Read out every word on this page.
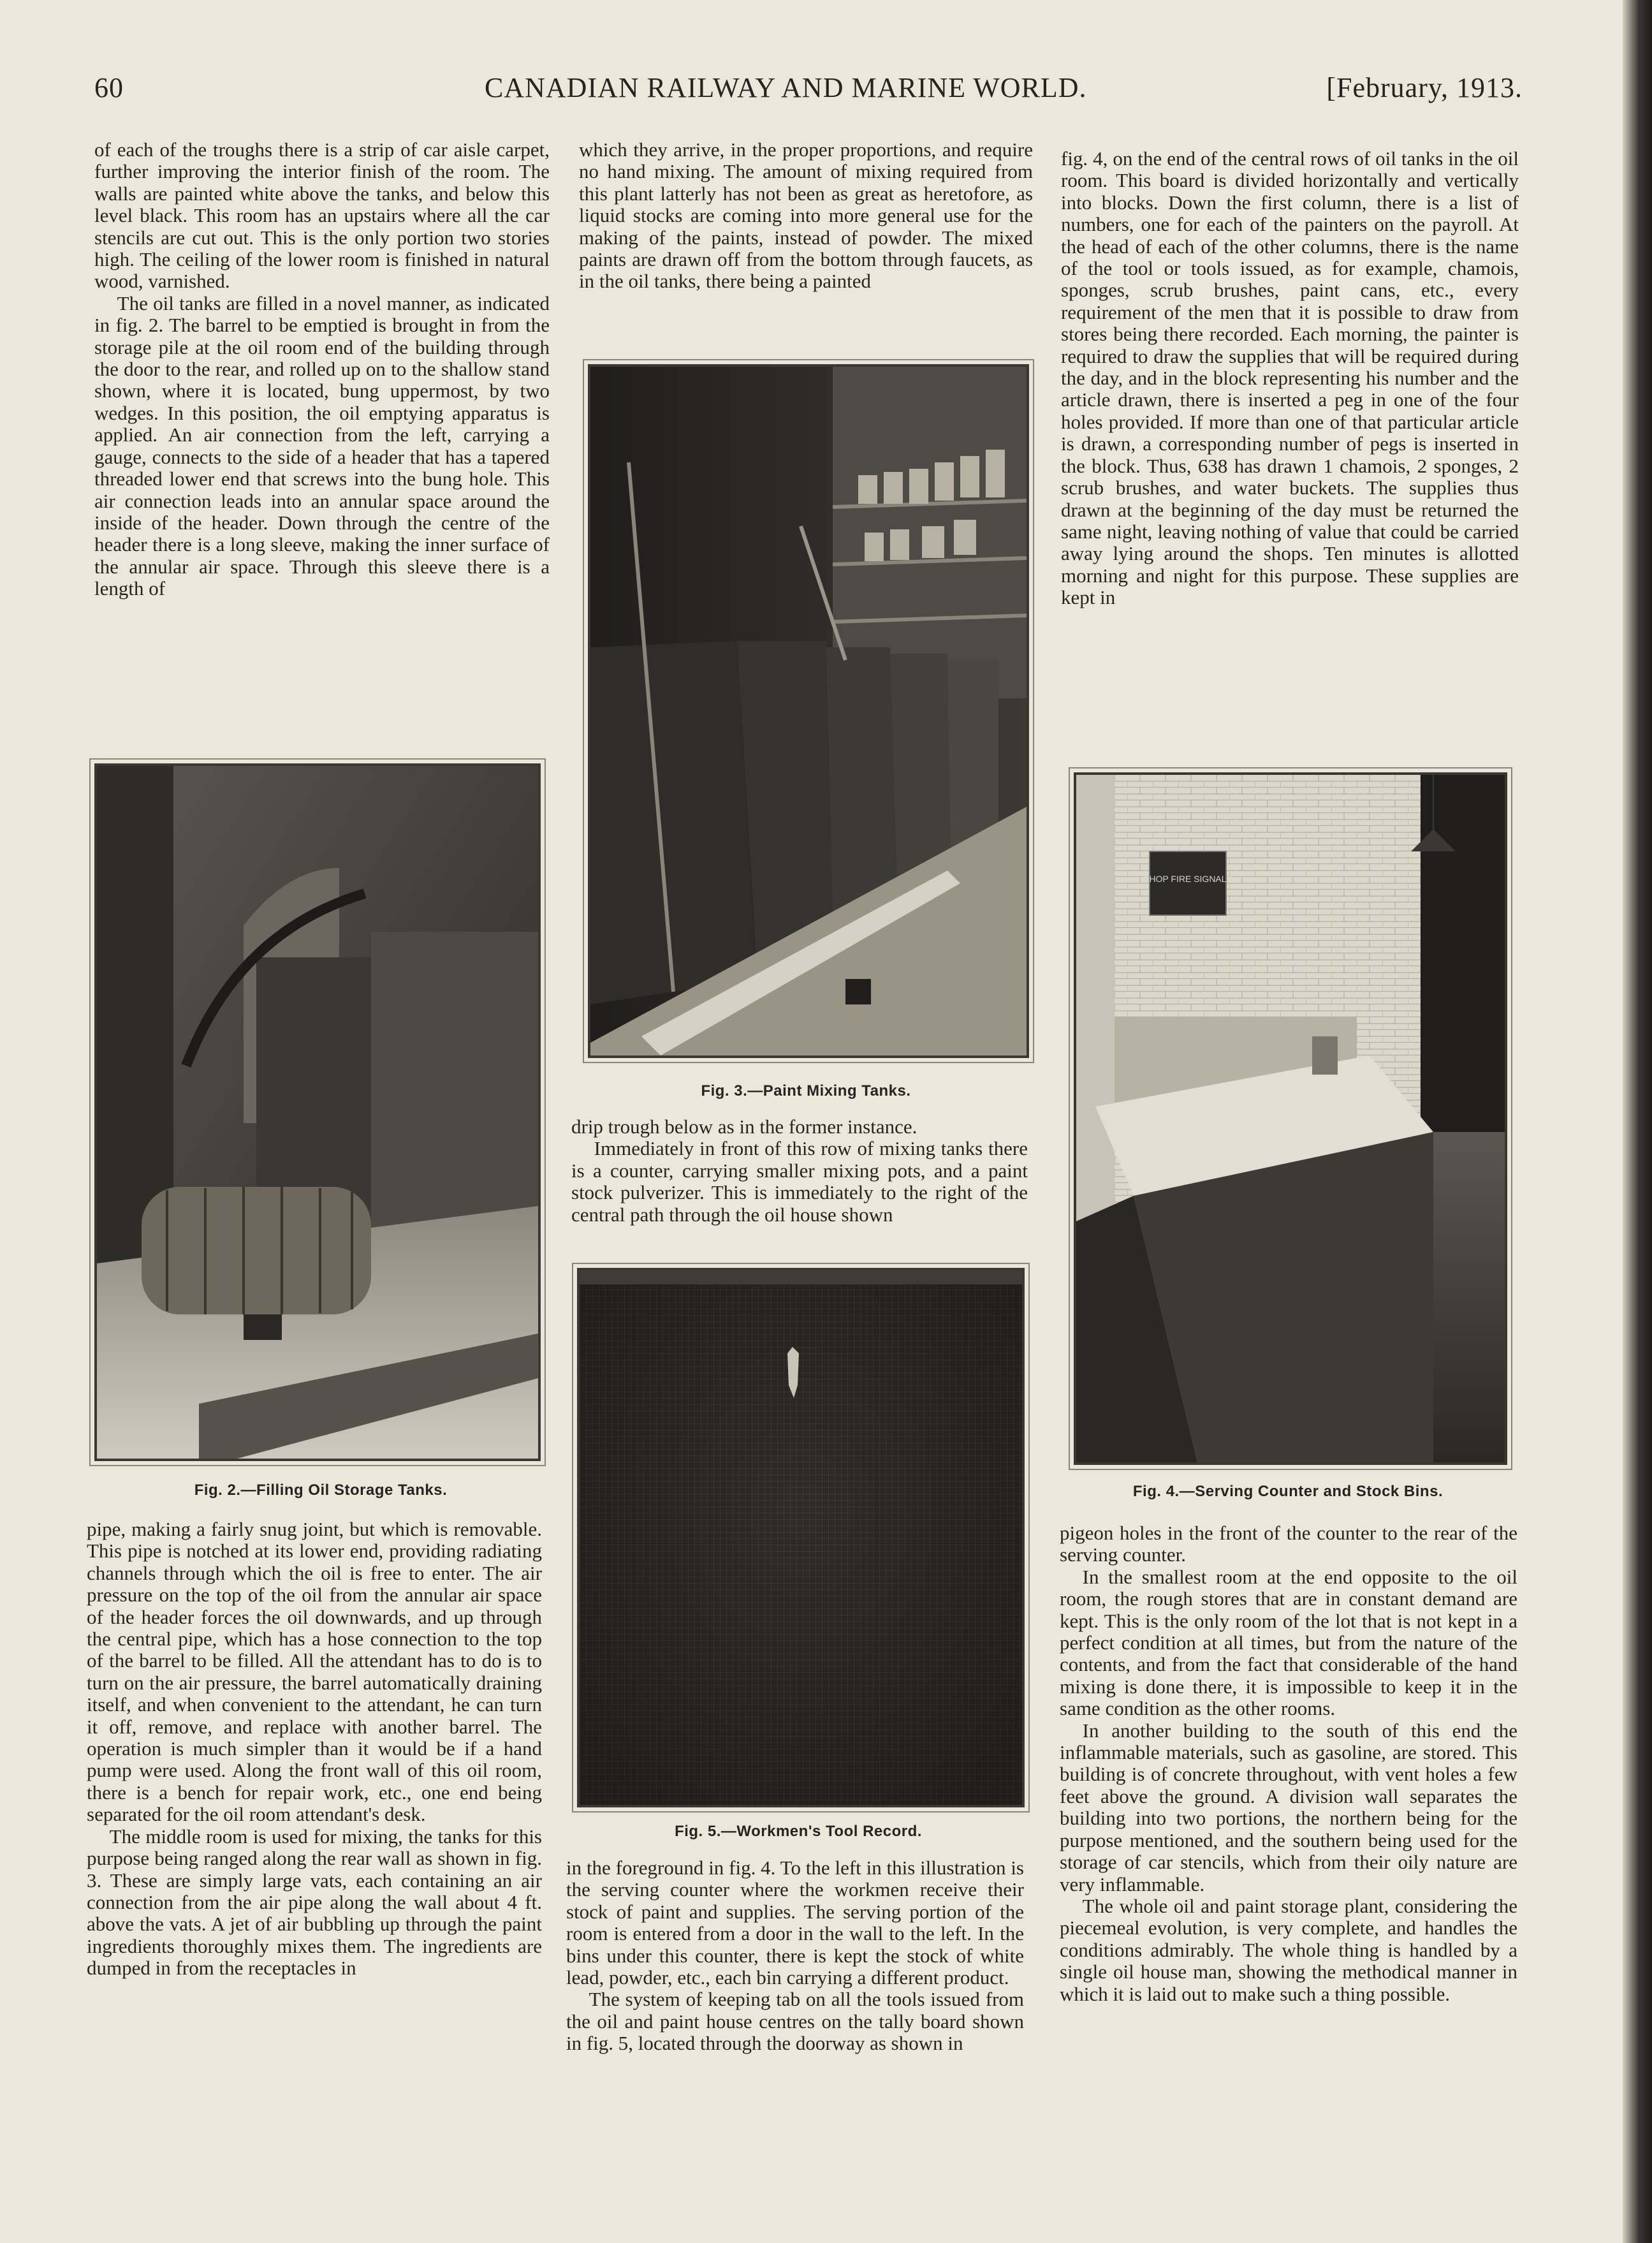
60	CANADIAN RAILWAY AND MARINE WORLD.	[February, 1913.

of each of the troughs there is a strip of car aisle carpet, further improving the interior finish of the room. The walls are painted white above the tanks, and below this level black. This room has an upstairs where all the car stencils are cut out. This is the only portion two stories high. The ceiling of the lower room is finished in natural wood, varnished.

The oil tanks are filled in a novel manner, as indicated in fig. 2. The barrel to be emptied is brought in from the storage pile at the oil room end of the building through the door to the rear, and rolled up on to the shallow stand shown, where it is located, bung uppermost, by two wedges. In this position, the oil emptying apparatus is applied. An air connection from the left, carrying a gauge, connects to the side of a header that has a tapered threaded lower end that screws into the bung hole. This air connection leads into an annular space around the inside of the header. Down through the centre of the header there is a long sleeve, making the inner surface of the annular air space. Through this sleeve there is a length of

Fig. 2.—Filling Oil Storage Tanks.

pipe, making a fairly snug joint, but which is removable. This pipe is notched at its lower end, providing radiating channels through which the oil is free to enter. The air pressure on the top of the oil from the annular air space of the header forces the oil downwards, and up through the central pipe, which has a hose connection to the top of the barrel to be filled. All the attendant has to do is to turn on the air pressure, the barrel automatically draining itself, and when convenient to the attendant, he can turn it off, remove, and replace with another barrel. The operation is much simpler than it would be if a hand pump were used. Along the front wall of this oil room, there is a bench for repair work, etc., one end being separated for the oil room attendant's desk.

The middle room is used for mixing, the tanks for this purpose being ranged along the rear wall as shown in fig. 3. These are simply large vats, each containing an air connection from the air pipe along the wall about 4 ft. above the vats. A jet of air bubbling up through the paint ingredients thoroughly mixes them. The ingredients are dumped in from the receptacles in

which they arrive, in the proper proportions, and require no hand mixing. The amount of mixing required from this plant latterly has not been as great as heretofore, as liquid stocks are coming into more general use for the making of the paints, instead of powder. The mixed paints are drawn off from the bottom through faucets, as in the oil tanks, there being a painted

Fig. 3.—Paint Mixing Tanks.

drip trough below as in the former instance.

Immediately in front of this row of mixing tanks there is a counter, carrying smaller mixing pots, and a paint stock pulverizer. This is immediately to the right of the central path through the oil house shown

Fig. 5.—Workmen's Tool Record.

in the foreground in fig. 4. To the left in this illustration is the serving counter where the workmen receive their stock of paint and supplies. The serving portion of the room is entered from a door in the wall to the left. In the bins under this counter, there is kept the stock of white lead, powder, etc., each bin carrying a different product.

The system of keeping tab on all the tools issued from the oil and paint house centres on the tally board shown in fig. 5, located through the doorway as shown in

fig. 4, on the end of the central rows of oil tanks in the oil room. This board is divided horizontally and vertically into blocks. Down the first column, there is a list of numbers, one for each of the painters on the payroll. At the head of each of the other columns, there is the name of the tool or tools issued, as for example, chamois, sponges, scrub brushes, paint cans, etc., every requirement of the men that it is possible to draw from stores being there recorded. Each morning, the painter is required to draw the supplies that will be required during the day, and in the block representing his number and the article drawn, there is inserted a peg in one of the four holes provided. If more than one of that particular article is drawn, a corresponding number of pegs is inserted in the block. Thus, 638 has drawn 1 chamois, 2 sponges, 2 scrub brushes, and water buckets. The supplies thus drawn at the beginning of the day must be returned the same night, leaving nothing of value that could be carried away lying around the shops. Ten minutes is allotted morning and night for this purpose. These supplies are kept in

SHOP FIRE SIGNALS
Fig. 4.—Serving Counter and Stock Bins.

pigeon holes in the front of the counter to the rear of the serving counter.

In the smallest room at the end opposite to the oil room, the rough stores that are in constant demand are kept. This is the only room of the lot that is not kept in a perfect condition at all times, but from the nature of the contents, and from the fact that considerable of the hand mixing is done there, it is impossible to keep it in the same condition as the other rooms.

In another building to the south of this end the inflammable materials, such as gasoline, are stored. This building is of concrete throughout, with vent holes a few feet above the ground. A division wall separates the building into two portions, the northern being for the purpose mentioned, and the southern being used for the storage of car stencils, which from their oily nature are very inflammable.

The whole oil and paint storage plant, considering the piecemeal evolution, is very complete, and handles the conditions admirably. The whole thing is handled by a single oil house man, showing the methodical manner in which it is laid out to make such a thing possible.
